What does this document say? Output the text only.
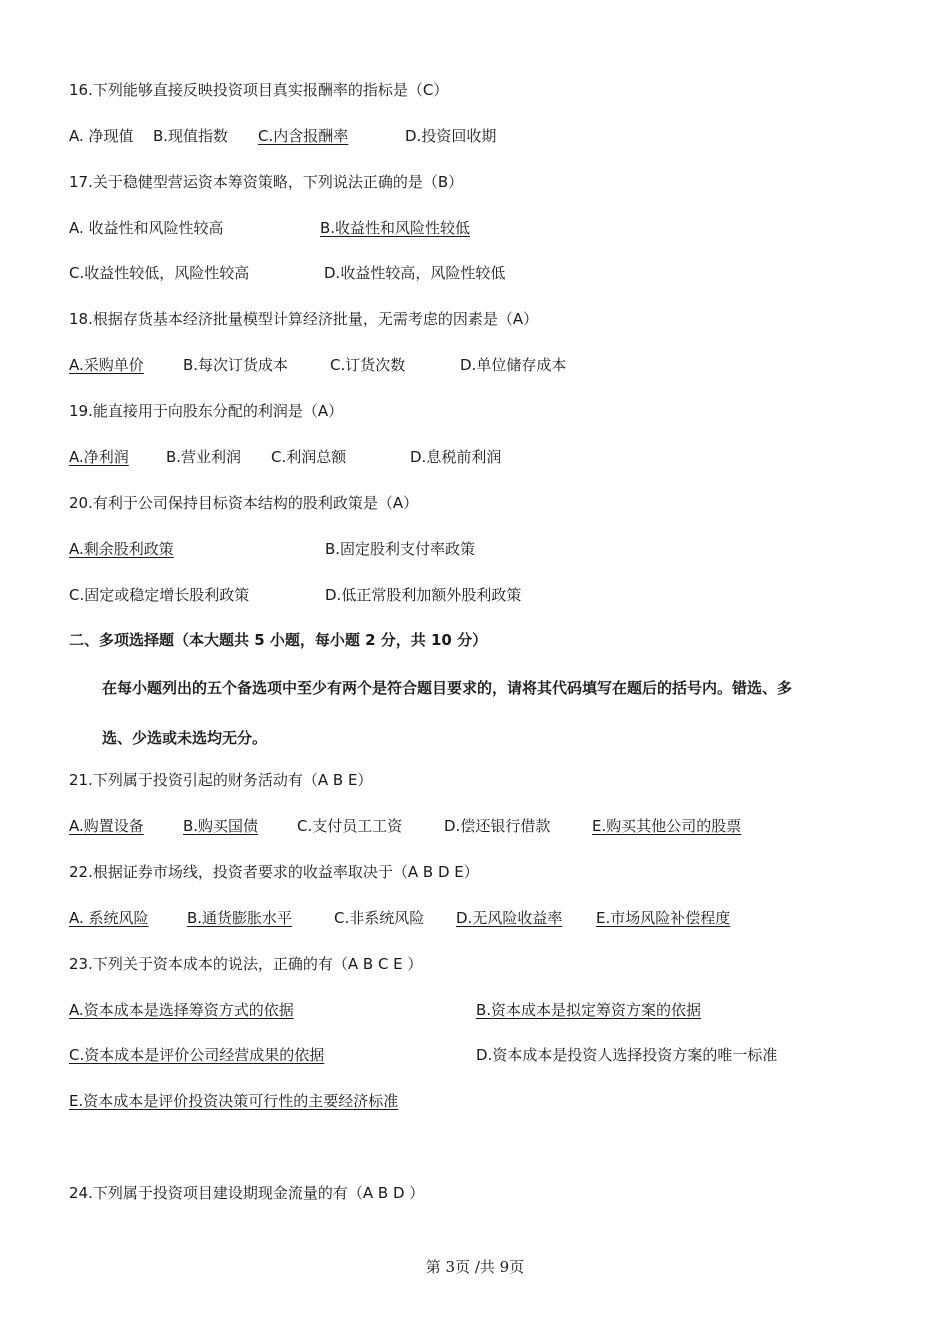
16.下列能够直接反映投资项目真实报酬率的指标是（C）
A. 净现值 B.现值指数 C.内含报酬率	D.投资回收期
17.关于稳健型营运资本筹资策略，下列说法正确的是（B）
A. 收益性和风险性较高	B.收益性和风险性较低
C.收益性较低，风险性较高	D.收益性较高，风险性较低
18.根据存货基本经济批量模型计算经济批量，无需考虑的因素是（A）
A.采购单价	B.每次订货成本	C.订货次数	D.单位储存成本
19.能直接用于向股东分配的利润是（A）
A.净利润 B.营业利润 C.利润总额	D.息税前利润
20.有利于公司保持目标资本结构的股利政策是（A）
A.剩余股利政策	B.固定股利支付率政策
C.固定或稳定增长股利政策	D.低正常股利加额外股利政策
二、多项选择题（本大题共 5 小题，每小题 2 分，共 10 分）
在每小题列出的五个备选项中至少有两个是符合题目要求的，请将其代码填写在题后的括号内。错选、多
选、少选或未选均无分。
21.下列属于投资引起的财务活动有（A B E）
A.购置设备	B.购买国债	C.支付员工工资	D.偿还银行借款	E.购买其他公司的股票
22.根据证券市场线，投资者要求的收益率取决于（A B D E）
A. 系统风险	B.通货膨胀水平	C.非系统风险 D.无风险收益率 E.市场风险补偿程度
23.下列关于资本成本的说法，正确的有（A B C E ）
A.资本成本是选择筹资方式的依据	B.资本成本是拟定筹资方案的依据
C.资本成本是评价公司经营成果的依据	D.资本成本是投资人选择投资方案的唯一标准
E.资本成本是评价投资决策可行性的主要经济标准
24.下列属于投资项目建设期现金流量的有（A B D ）
第 3页 /共 9页
